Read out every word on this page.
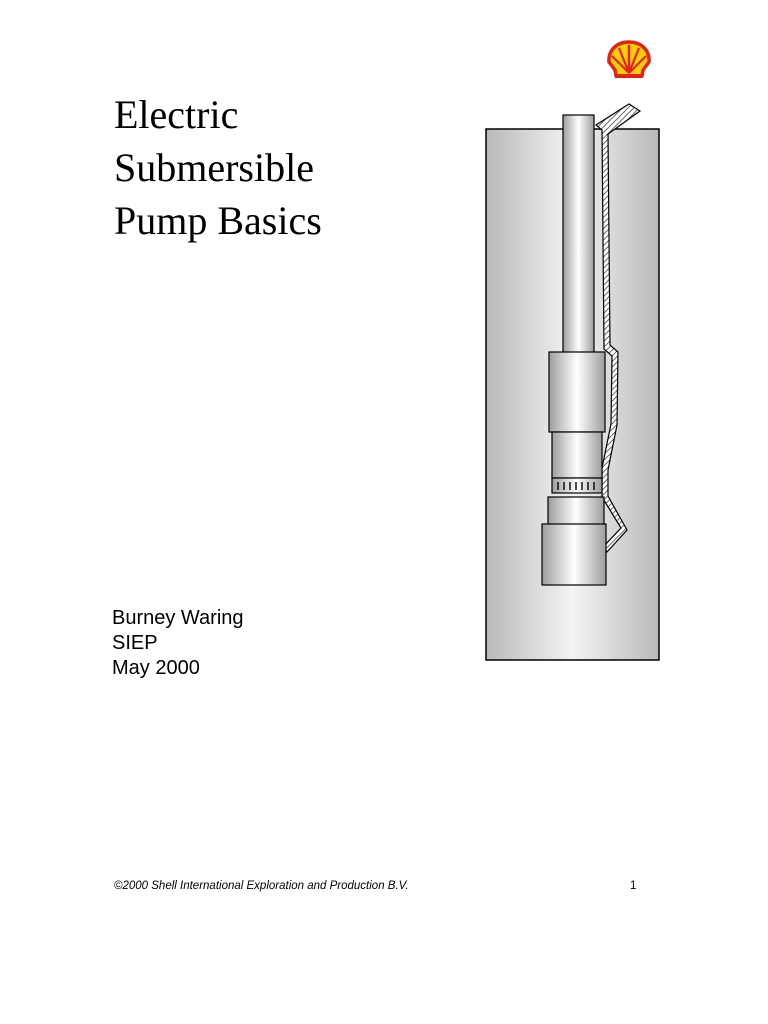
Electric
Submersible
Pump Basics
Burney Waring
SIEP
May 2000
©2000 Shell International Exploration and Production B.V.	1
